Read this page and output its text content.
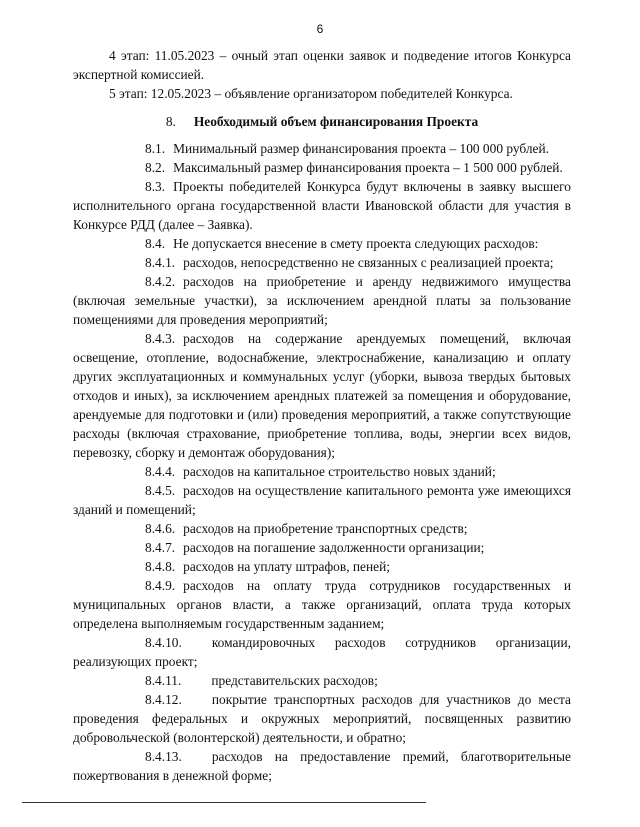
6

4 этап: 11.05.2023 – очный этап оценки заявок и подведение итогов Конкурса экспертной комиссией.

5 этап: 12.05.2023 – объявление организатором победителей Конкурса.

8. Необходимый объем финансирования Проекта

8.1. Минимальный размер финансирования проекта – 100 000 рублей.

8.2. Максимальный размер финансирования проекта – 1 500 000 рублей.

8.3. Проекты победителей Конкурса будут включены в заявку высшего исполнительного органа государственной власти Ивановской области для участия в Конкурсе РДД (далее – Заявка).

8.4. Не допускается внесение в смету проекта следующих расходов:

8.4.1. расходов, непосредственно не связанных с реализацией проекта;

8.4.2. расходов на приобретение и аренду недвижимого имущества (включая земельные участки), за исключением арендной платы за пользование помещениями для проведения мероприятий;

8.4.3. расходов на содержание арендуемых помещений, включая освещение, отопление, водоснабжение, электроснабжение, канализацию и оплату других эксплуатационных и коммунальных услуг (уборки, вывоза твердых бытовых отходов и иных), за исключением арендных платежей за помещения и оборудование, арендуемые для подготовки и (или) проведения мероприятий, а также сопутствующие расходы (включая страхование, приобретение топлива, воды, энергии всех видов, перевозку, сборку и демонтаж оборудования);

8.4.4. расходов на капитальное строительство новых зданий;

8.4.5. расходов на осуществление капитального ремонта уже имеющихся зданий и помещений;

8.4.6. расходов на приобретение транспортных средств;

8.4.7. расходов на погашение задолженности организации;

8.4.8. расходов на уплату штрафов, пеней;

8.4.9. расходов на оплату труда сотрудников государственных и муниципальных органов власти, а также организаций, оплата труда которых определена выполняемым государственным заданием;

8.4.10. командировочных расходов сотрудников организации, реализующих проект;

8.4.11. представительских расходов;

8.4.12. покрытие транспортных расходов для участников до места проведения федеральных и окружных мероприятий, посвященных развитию добровольческой (волонтерской) деятельности, и обратно;

8.4.13. расходов на предоставление премий, благотворительные пожертвования в денежной форме;
